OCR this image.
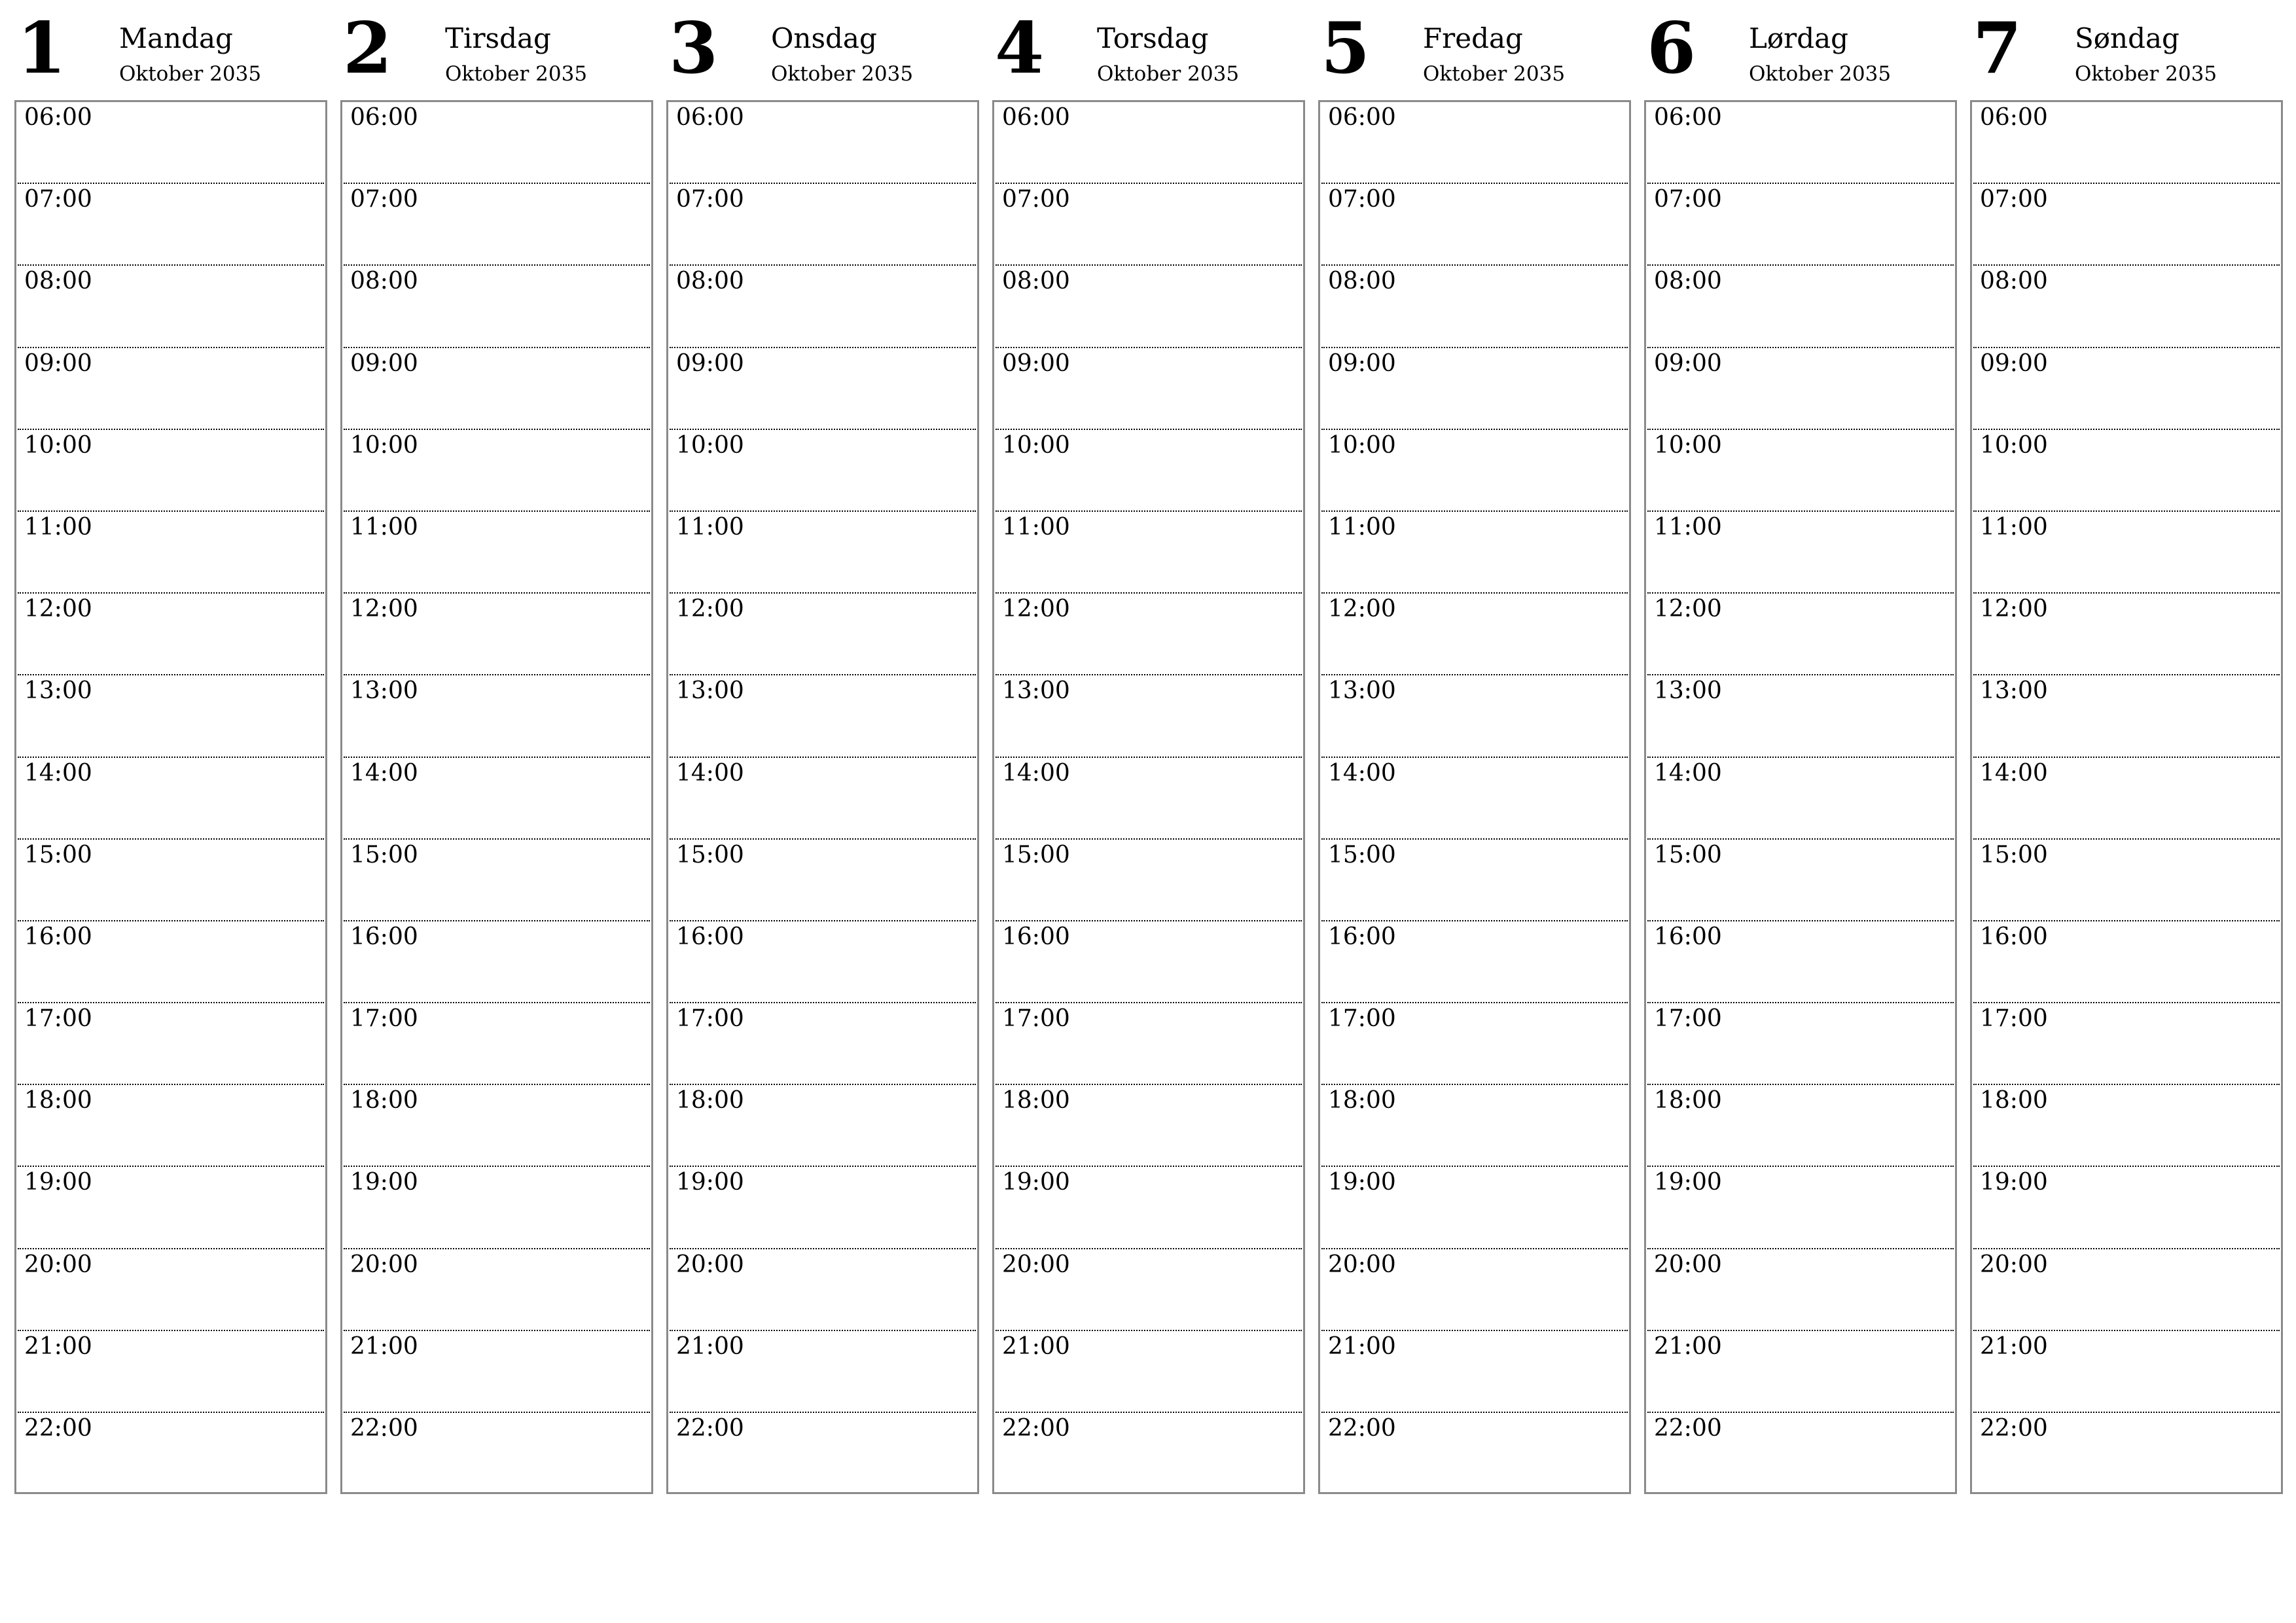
1 Mandag
Oktober 2035
06:00
07:00
08:00
09:00
10:00
11:00
12:00
13:00
14:00
15:00
16:00
17:00
18:00
19:00
20:00
21:00
22:00
2 Tirsdag
Oktober 2035
06:00
07:00
08:00
09:00
10:00
11:00
12:00
13:00
14:00
15:00
16:00
17:00
18:00
19:00
20:00
21:00
22:00
3 Onsdag
Oktober 2035
06:00
07:00
08:00
09:00
10:00
11:00
12:00
13:00
14:00
15:00
16:00
17:00
18:00
19:00
20:00
21:00
22:00
4 Torsdag
Oktober 2035
06:00
07:00
08:00
09:00
10:00
11:00
12:00
13:00
14:00
15:00
16:00
17:00
18:00
19:00
20:00
21:00
22:00
5 Fredag
Oktober 2035
06:00
07:00
08:00
09:00
10:00
11:00
12:00
13:00
14:00
15:00
16:00
17:00
18:00
19:00
20:00
21:00
22:00
6 Lørdag
Oktober 2035
06:00
07:00
08:00
09:00
10:00
11:00
12:00
13:00
14:00
15:00
16:00
17:00
18:00
19:00
20:00
21:00
22:00
7 Søndag
Oktober 2035
06:00
07:00
08:00
09:00
10:00
11:00
12:00
13:00
14:00
15:00
16:00
17:00
18:00
19:00
20:00
21:00
22:00
